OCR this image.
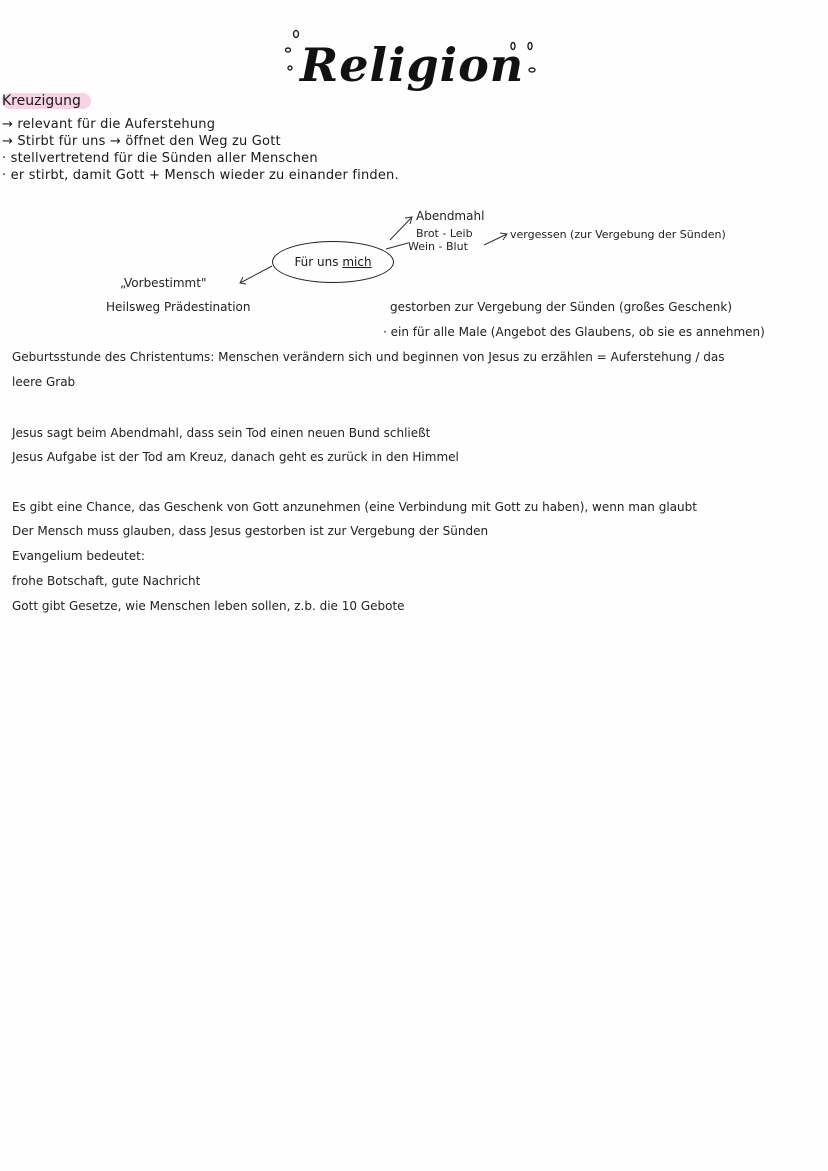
Religion
Kreuzigung
→ relevant für die Auferstehung
→ Stirbt für uns → öffnet den Weg zu Gott
· stellvertretend für die Sünden aller Menschen
· er stirbt, damit Gott + Mensch wieder zu einander finden.
Abendmahl
Brot - Leib
Wein - Blut
vergessen (zur Vergebung der Sünden)
Für uns
mich
„Vorbestimmt"
Heilsweg Prädestination	gestorben zur Vergebung der Sünden (großes Geschenk)
· ein für alle Male (Angebot des Glaubens, ob sie es annehmen)
Geburtsstunde des Christentums: Menschen verändern sich und beginnen von Jesus zu erzählen = Auferstehung / das
leere Grab
Jesus sagt beim Abendmahl, dass sein Tod einen neuen Bund schließt
Jesus Aufgabe ist der Tod am Kreuz, danach geht es zurück in den Himmel
Es gibt eine Chance, das Geschenk von Gott anzunehmen (eine Verbindung mit Gott zu haben), wenn man glaubt
Der Mensch muss glauben, dass Jesus gestorben ist zur Vergebung der Sünden
Evangelium bedeutet:
frohe Botschaft, gute Nachricht
Gott gibt Gesetze, wie Menschen leben sollen, z.b. die 10 Gebote
